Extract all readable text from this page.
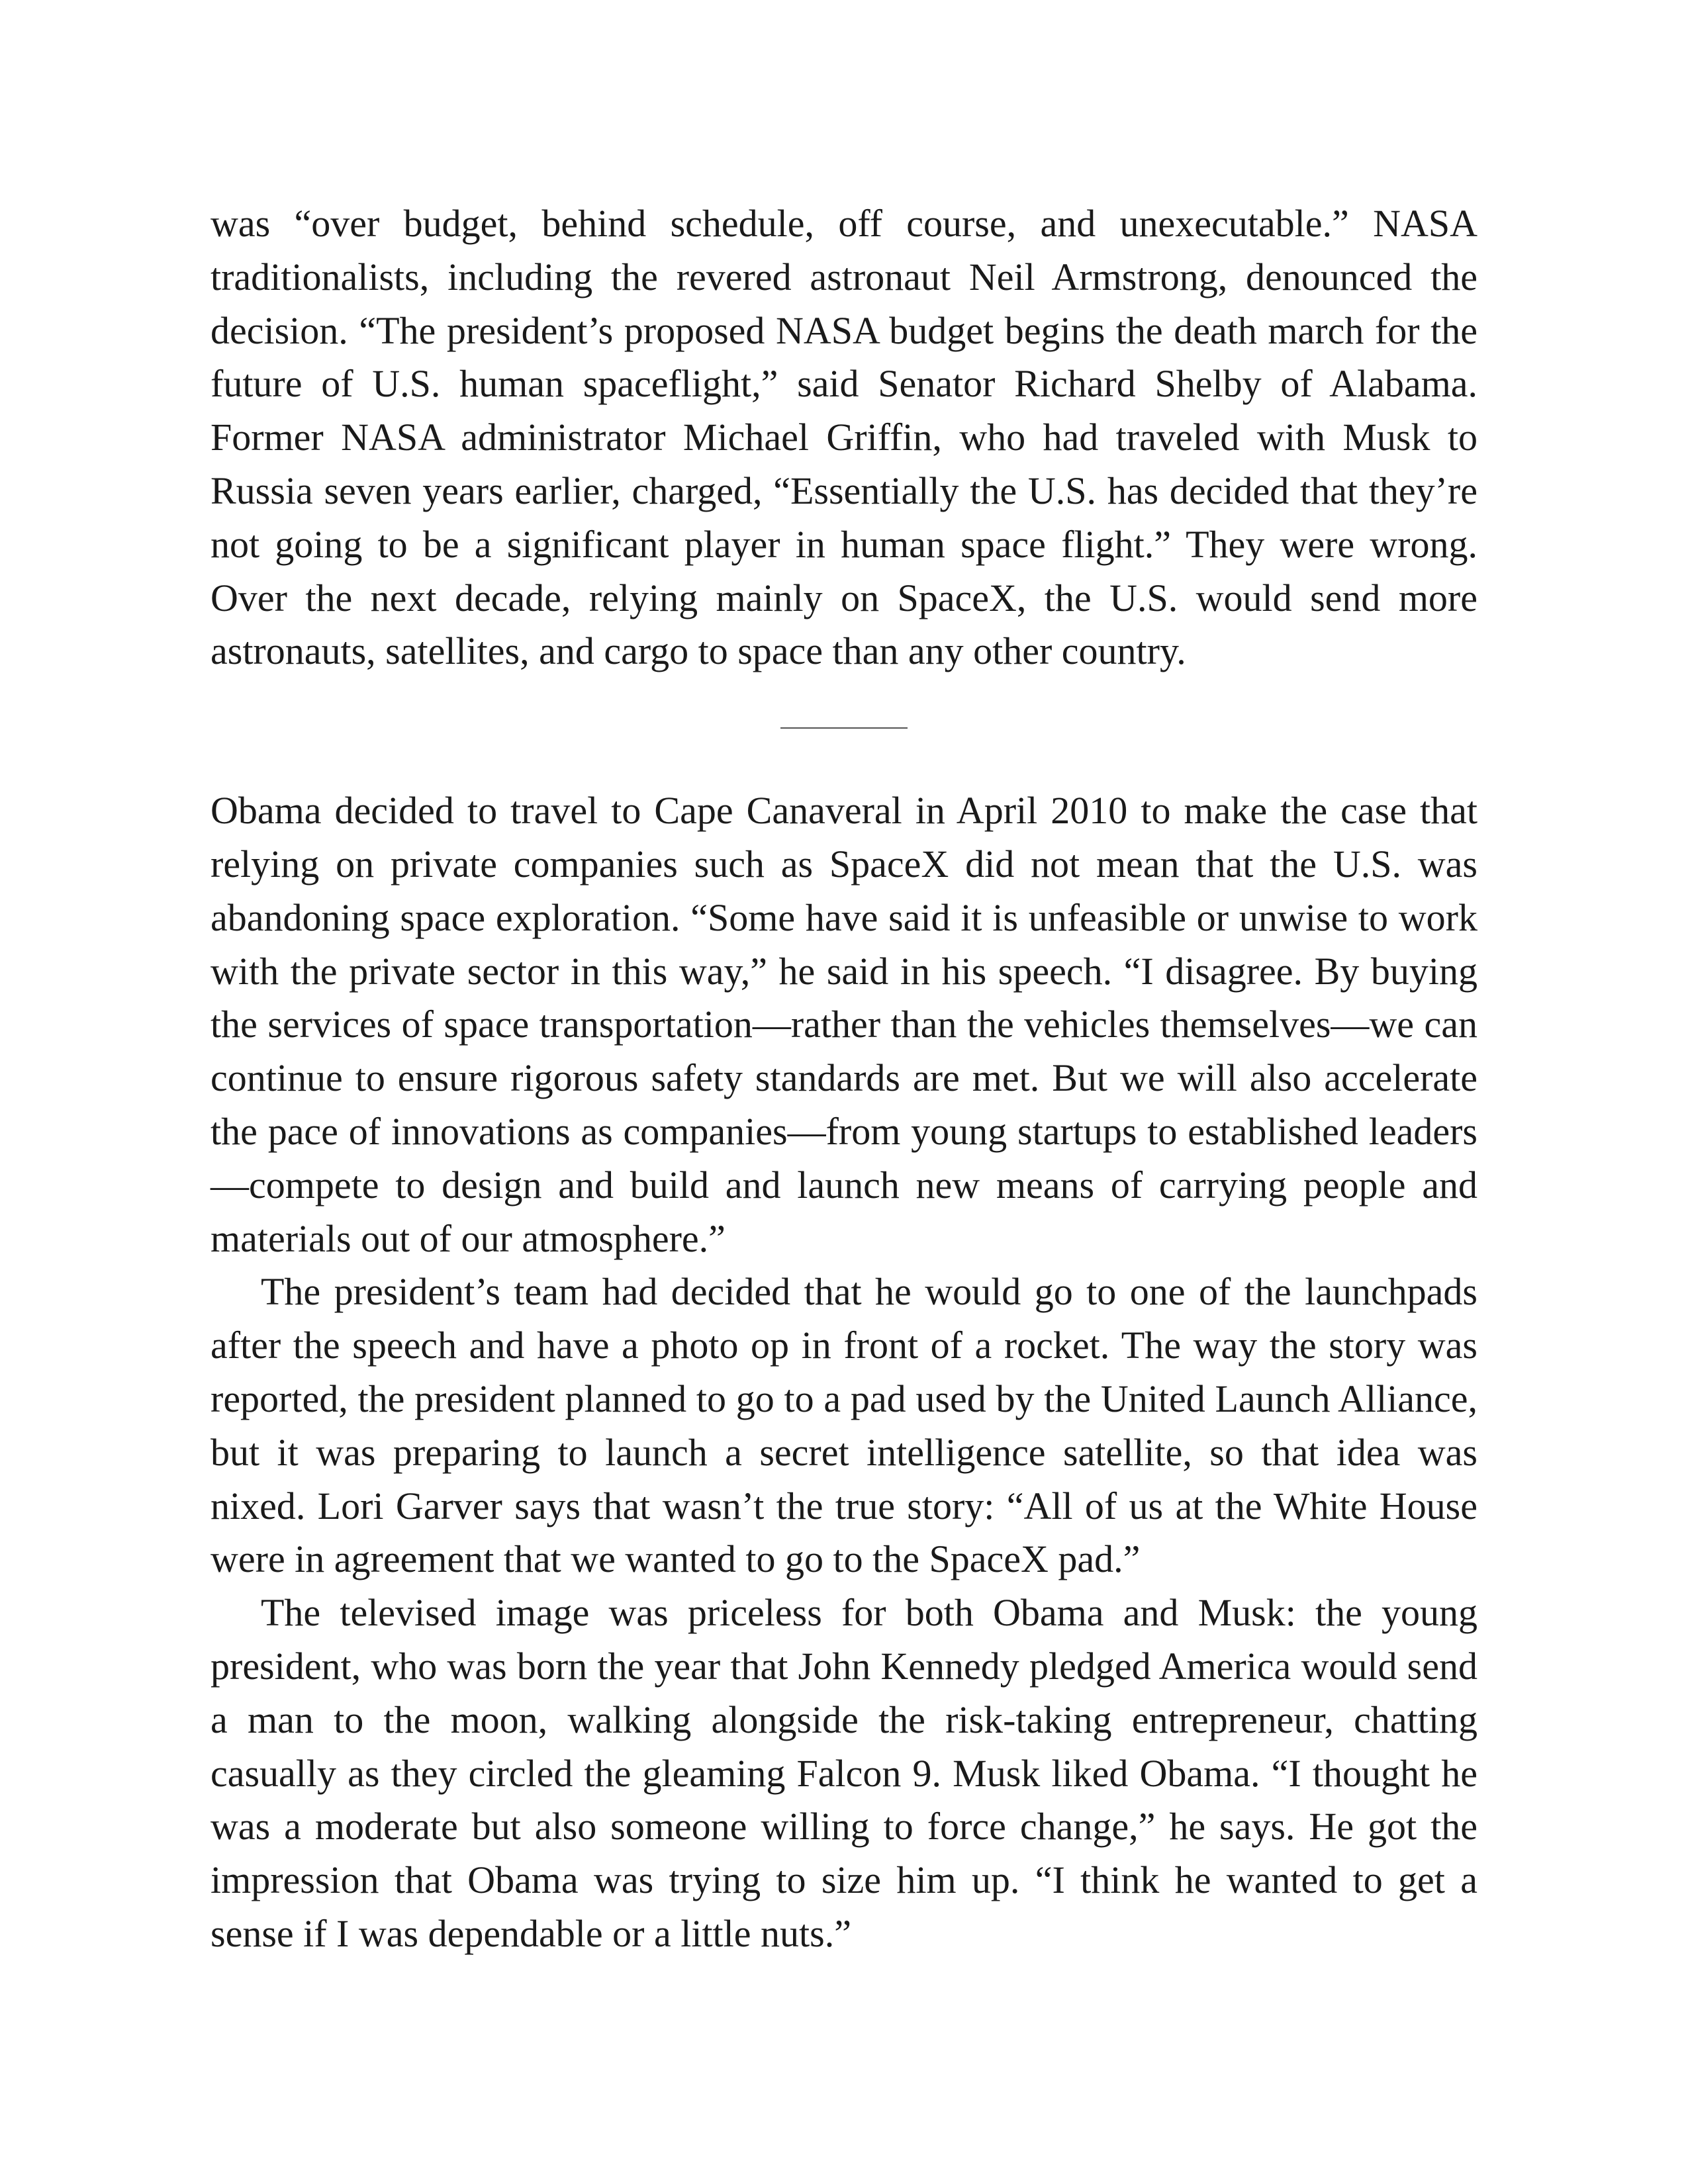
was “over budget, behind schedule, off course, and unexecutable.” NASA traditionalists, including the revered astronaut Neil Armstrong, denounced the decision. “The president’s proposed NASA budget begins the death march for the future of U.S. human spaceflight,” said Senator Richard Shelby of Alabama. Former NASA administrator Michael Griffin, who had traveled with Musk to Russia seven years earlier, charged, “Essentially the U.S. has decided that they’re not going to be a significant player in human space flight.” They were wrong. Over the next decade, relying mainly on SpaceX, the U.S. would send more astronauts, satellites, and cargo to space than any other country.

Obama decided to travel to Cape Canaveral in April 2010 to make the case that relying on private companies such as SpaceX did not mean that the U.S. was abandoning space exploration. “Some have said it is unfeasible or unwise to work with the private sector in this way,” he said in his speech. “I disagree. By buying the services of space transportation—rather than the vehicles themselves—we can continue to ensure rigorous safety standards are met. But we will also accelerate the pace of innovations as companies—from young startups to established leaders—compete to design and build and launch new means of carrying people and materials out of our atmosphere.”

The president’s team had decided that he would go to one of the launchpads after the speech and have a photo op in front of a rocket. The way the story was reported, the president planned to go to a pad used by the United Launch Alliance, but it was preparing to launch a secret intelligence satellite, so that idea was nixed. Lori Garver says that wasn’t the true story: “All of us at the White House were in agreement that we wanted to go to the SpaceX pad.”

The televised image was priceless for both Obama and Musk: the young president, who was born the year that John Kennedy pledged America would send a man to the moon, walking alongside the risk-taking entrepreneur, chatting casually as they circled the gleaming Falcon 9. Musk liked Obama. “I thought he was a moderate but also someone willing to force change,” he says. He got the impression that Obama was trying to size him up. “I think he wanted to get a sense if I was dependable or a little nuts.”
